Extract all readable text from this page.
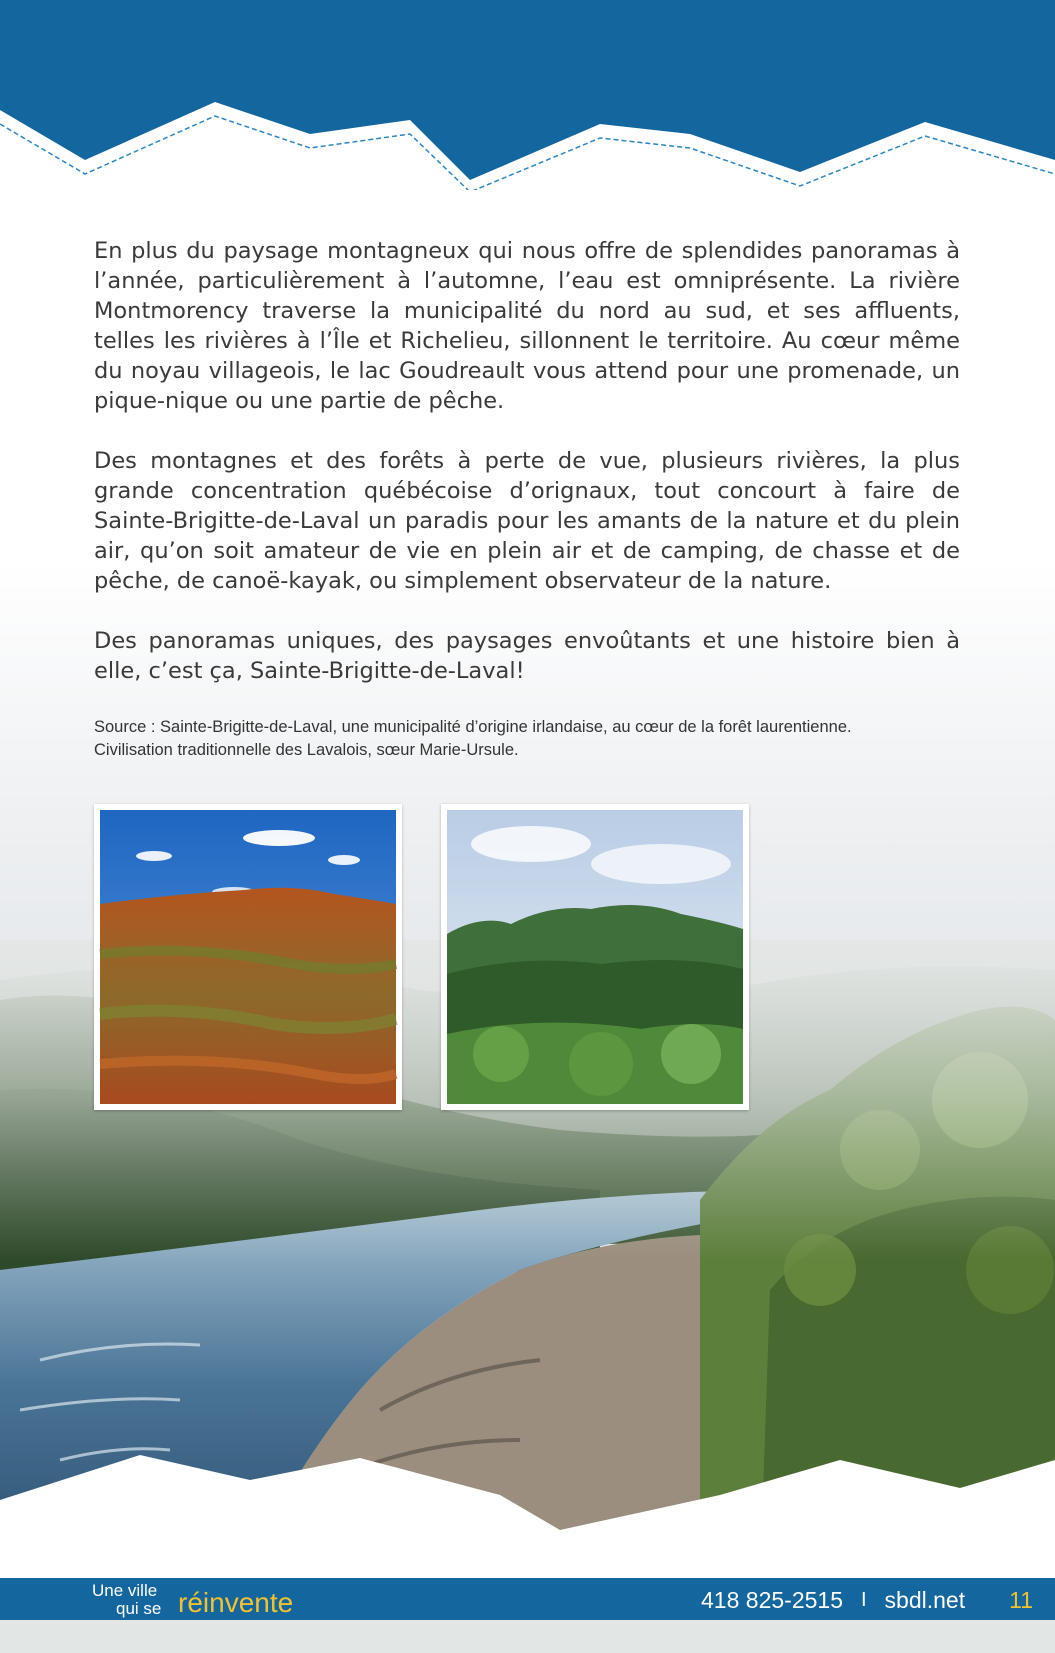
En plus du paysage montagneux qui nous offre de splendides panoramas à l’année, particulièrement à l’automne, l’eau est omniprésente. La rivière Montmorency traverse la municipalité du nord au sud, et ses affluents, telles les rivières à l’Île et Richelieu, sillonnent le territoire. Au cœur même du noyau villageois, le lac Goudreault vous attend pour une promenade, un pique-nique ou une partie de pêche.

Des montagnes et des forêts à perte de vue, plusieurs rivières, la plus grande concentration québécoise d’orignaux, tout concourt à faire de Sainte-Brigitte-de-Laval un paradis pour les amants de la nature et du plein air, qu’on soit amateur de vie en plein air et de camping, de chasse et de pêche, de canoë-kayak, ou simplement observateur de la nature.

Des panoramas uniques, des paysages envoûtants et une histoire bien à elle, c’est ça, Sainte-Brigitte-de-Laval!

Source : Sainte-Brigitte-de-Laval, une municipalité d’origine irlandaise, au cœur de la forêt laurentienne.
Civilisation traditionnelle des Lavalois, sœur Marie-Ursule.
Une ville
qui se réinvente	418 825-2515 I sbdl.net 11
